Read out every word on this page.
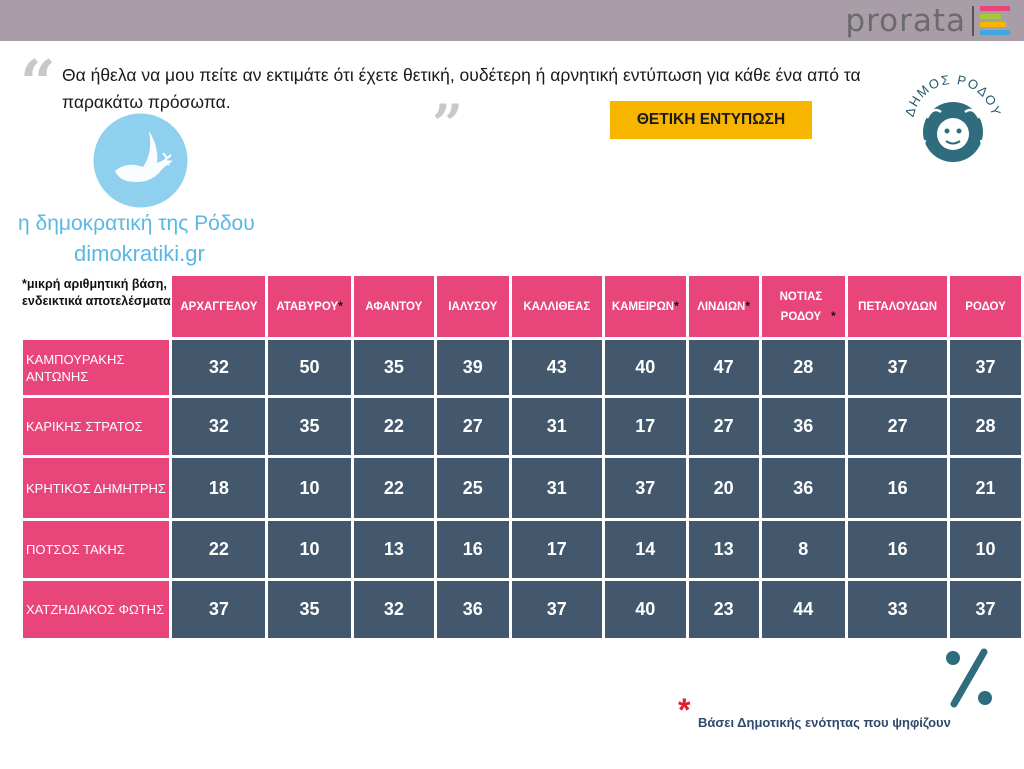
prorata
“ Θα ήθελα να μου πείτε αν εκτιμάτε ότι έχετε θετική, ουδέτερη ή αρνητική εντύπωση για κάθε ένα από τα παρακάτω πρόσωπα.	”	ΘΕΤΙΚΗ ΕΝΤΥΠΩΣΗ	ΔΗΜΟΣ ΡΟΔΟΥ
η δημοκρατική της Ρόδου
dimokratiki.gr
	ΑΡΧΑΓΓΕΛΟΥ	ΑΤΑΒΥΡΟΥ*	ΑΦΑΝΤΟΥ	ΙΑΛΥΣΟΥ	ΚΑΛΛΙΘΕΑΣ	ΚΑΜΕΙΡΩΝ*	ΛΙΝΔΙΩΝ*	ΝΟΤΙΑΣ ΡΟΔΟΥ *	ΠΕΤΑΛΟΥΔΩΝ	ΡΟΔΟΥ
ΚΑΜΠΟΥΡΑΚΗΣ ΑΝΤΩΝΗΣ	32	50	35	39	43	40	47	28	37	37
ΚΑΡΙΚΗΣ ΣΤΡΑΤΟΣ	32	35	22	27	31	17	27	36	27	28
ΚΡΗΤΙΚΟΣ ΔΗΜΗΤΡΗΣ	18	10	22	25	31	37	20	36	16	21
ΠΟΤΣΟΣ ΤΑΚΗΣ	22	10	13	16	17	14	13	8	16	10
ΧΑΤΖΗΔΙΑΚΟΣ ΦΩΤΗΣ	37	35	32	36	37	40	23	44	33	37
*μικρή αριθμητική βάση, ενδεικτικά αποτελέσματα
* Βάσει Δημοτικής ενότητας που ψηφίζουν
